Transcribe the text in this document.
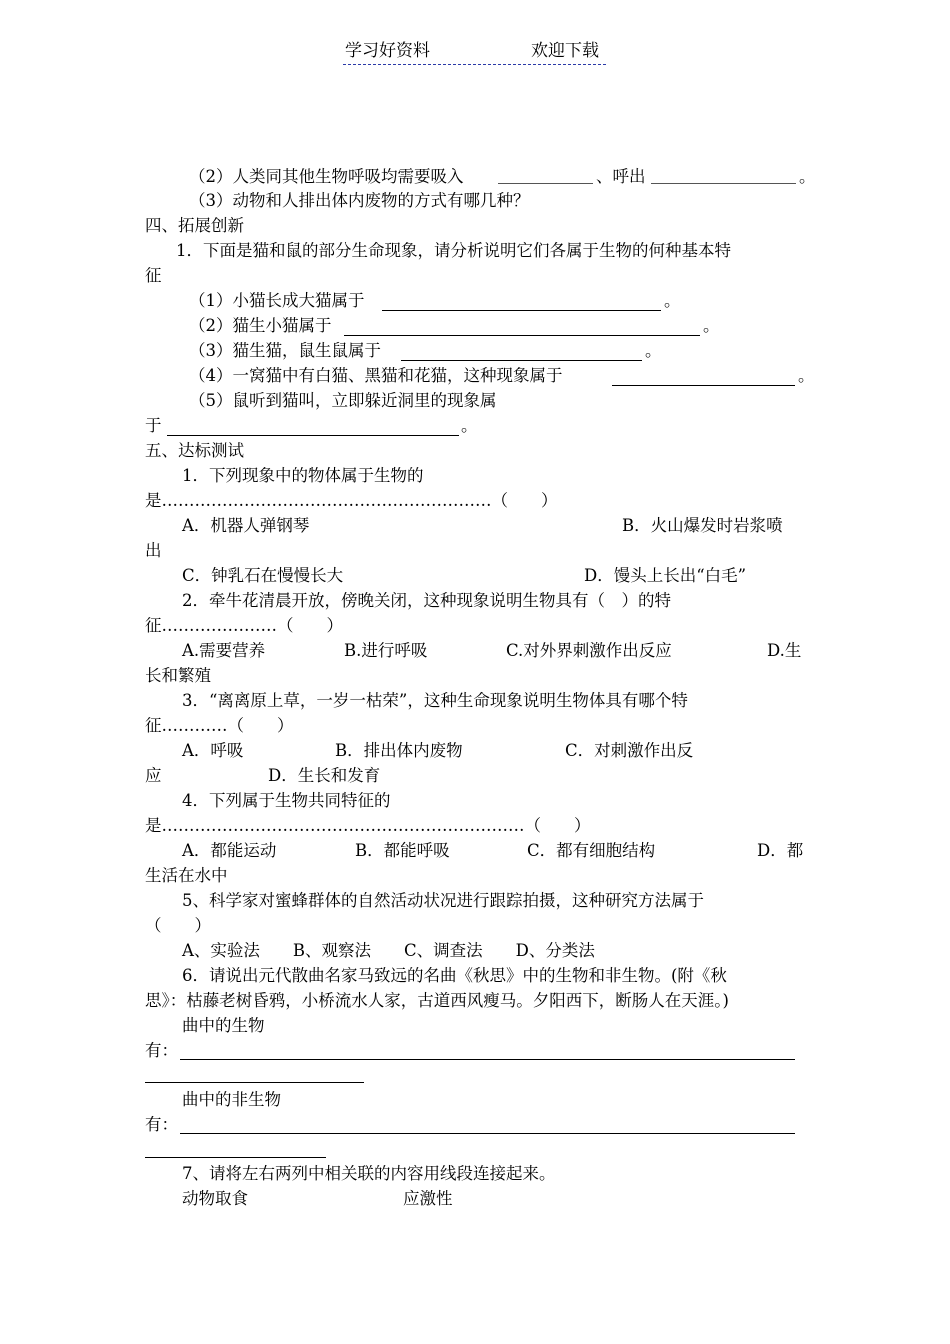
学习好资料	欢迎下载
（2）人类同其他生物呼吸均需要吸入	、呼出	。
（3）动物和人排出体内废物的方式有哪几种？
四、拓展创新
1．下面是猫和鼠的部分生命现象，请分析说明它们各属于生物的何种基本特
征
（1）小猫长成大猫属于	。
（2）猫生小猫属于	。
（3）猫生猫，鼠生鼠属于	。
（4）一窝猫中有白猫、黑猫和花猫，这种现象属于	。
（5）鼠听到猫叫，立即躲近洞里的现象属
于	。
五、达标测试
1．下列现象中的物体属于生物的
是……………………………………………………（　　）
A．机器人弹钢琴	B．火山爆发时岩浆喷
出
C．钟乳石在慢慢长大	D．馒头上长出“白毛”
2．牵牛花清晨开放，傍晚关闭，这种现象说明生物具有（　）的特
征…………………（　　）
A.需要营养	B.进行呼吸	C.对外界刺激作出反应	D.生
长和繁殖
3．“离离原上草，一岁一枯荣”，这种生命现象说明生物体具有哪个特
征…………（　　）
A．呼吸	B．排出体内废物	C．对刺激作出反
应	D．生长和发育
4．下列属于生物共同特征的
是…………………………………………………………（　　）
A．都能运动	B．都能呼吸	C．都有细胞结构	D．都
生活在水中
5、科学家对蜜蜂群体的自然活动状况进行跟踪拍摄，这种研究方法属于
（　　）
A、实验法　　B、观察法　　C、调查法　　D、分类法
6．请说出元代散曲名家马致远的名曲《秋思》中的生物和非生物。(附《秋
思》：枯藤老树昏鸦，小桥流水人家，古道西风瘦马。夕阳西下，断肠人在天涯。)
曲中的生物
有：
曲中的非生物
有：
7、请将左右两列中相关联的内容用线段连接起来。
动物取食	应激性
